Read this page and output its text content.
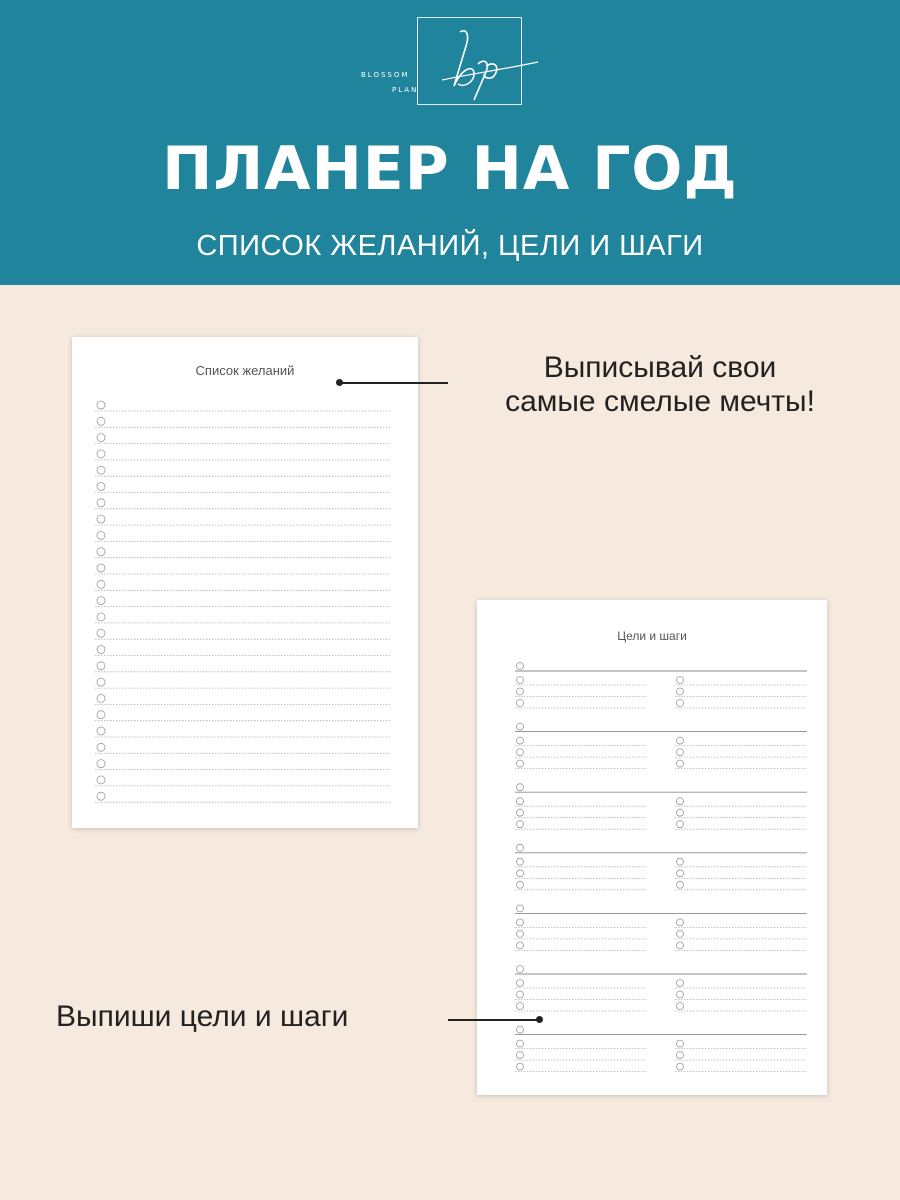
BLOSSOM
PLAN
ПЛАНЕР НА ГОД
СПИСОК ЖЕЛАНИЙ, ЦЕЛИ И ШАГИ
Список желаний
Цели и шаги
Выписывай свои
самые смелые мечты!
Выпиши цели и шаги
